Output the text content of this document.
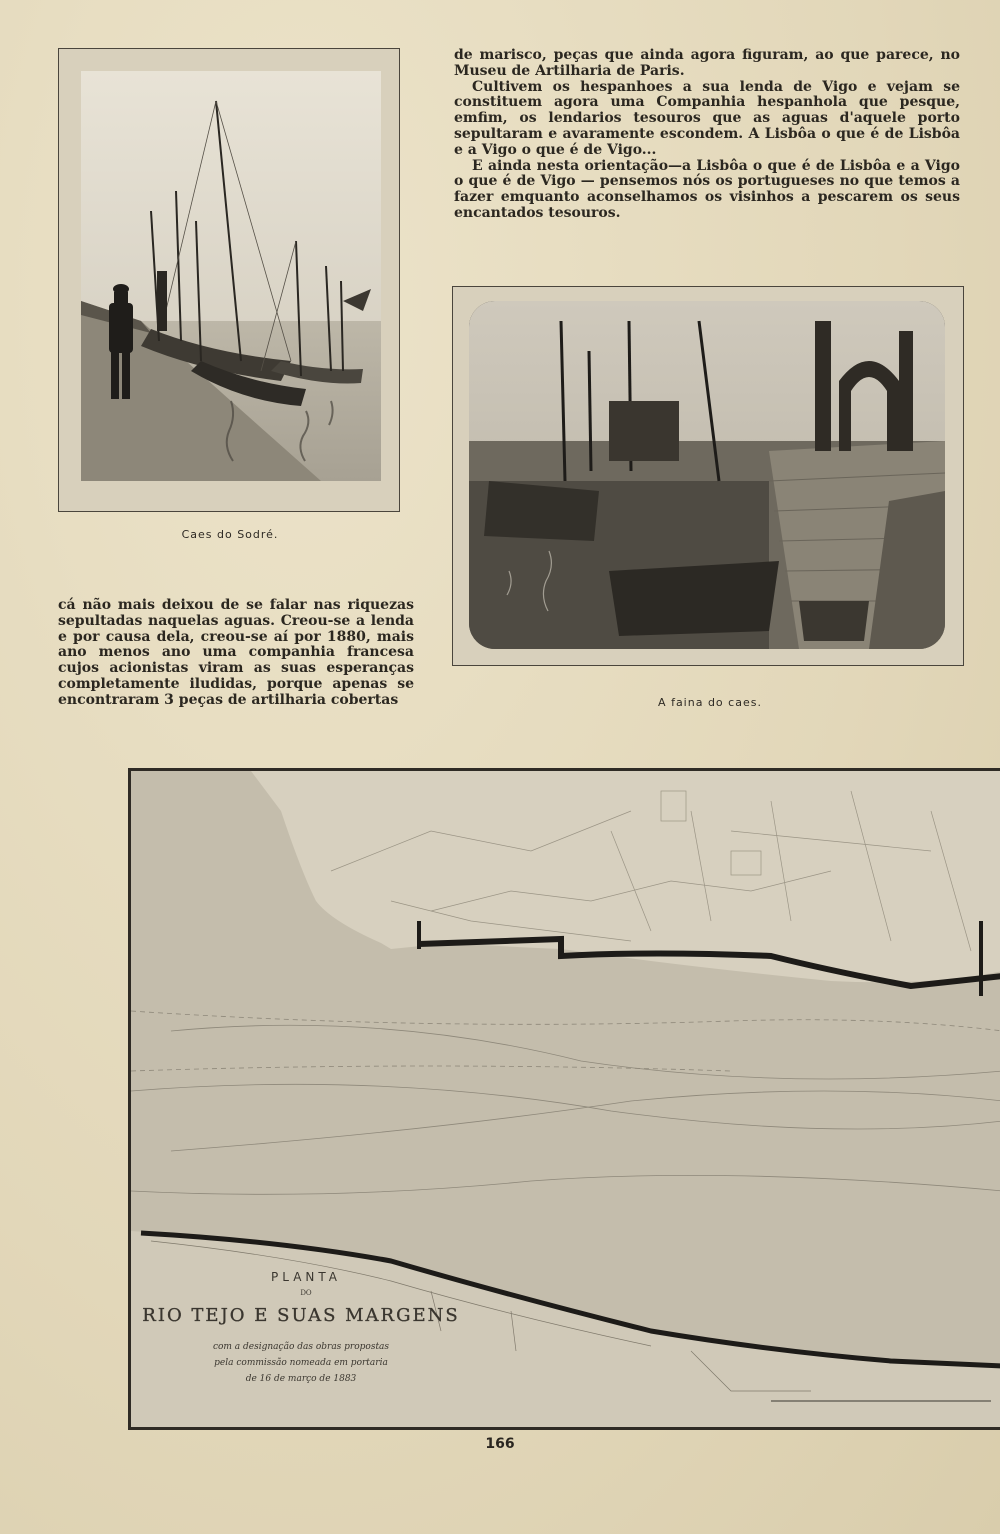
Caes do Sodré.

de marisco, peças que ainda agora figuram, ao que parece, no Museu de Artilharia de Paris.

Cultivem os hespanhoes a sua lenda de Vigo e vejam se constituem agora uma Companhia hespanhola que pesque, emfim, os lendarios tesouros que as aguas d'aquele porto sepultaram e avaramente escondem. A Lisbôa o que é de Lisbôa e a Vigo o que é de Vigo...

E ainda nesta orientação—a Lisbôa o que é de Lisbôa e a Vigo o que é de Vigo — pensemos nós os portugueses no que temos a fazer emquanto aconselhamos os visinhos a pescarem os seus encantados tesouros.

A faina do caes.

cá não mais deixou de se falar nas riquezas sepultadas naquelas aguas. Creou-se a lenda e por causa dela, creou-se aí por 1880, mais ano menos ano uma companhia francesa cujos acionistas viram as suas esperanças completamente iludidas, porque apenas se encontraram 3 peças de artilharia cobertas

PLANTA
DO
RIO TEJO E SUAS MARGENS
com a designação das obras propostas
pela commissão nomeada em portaria
de 16 de março de 1883
166
